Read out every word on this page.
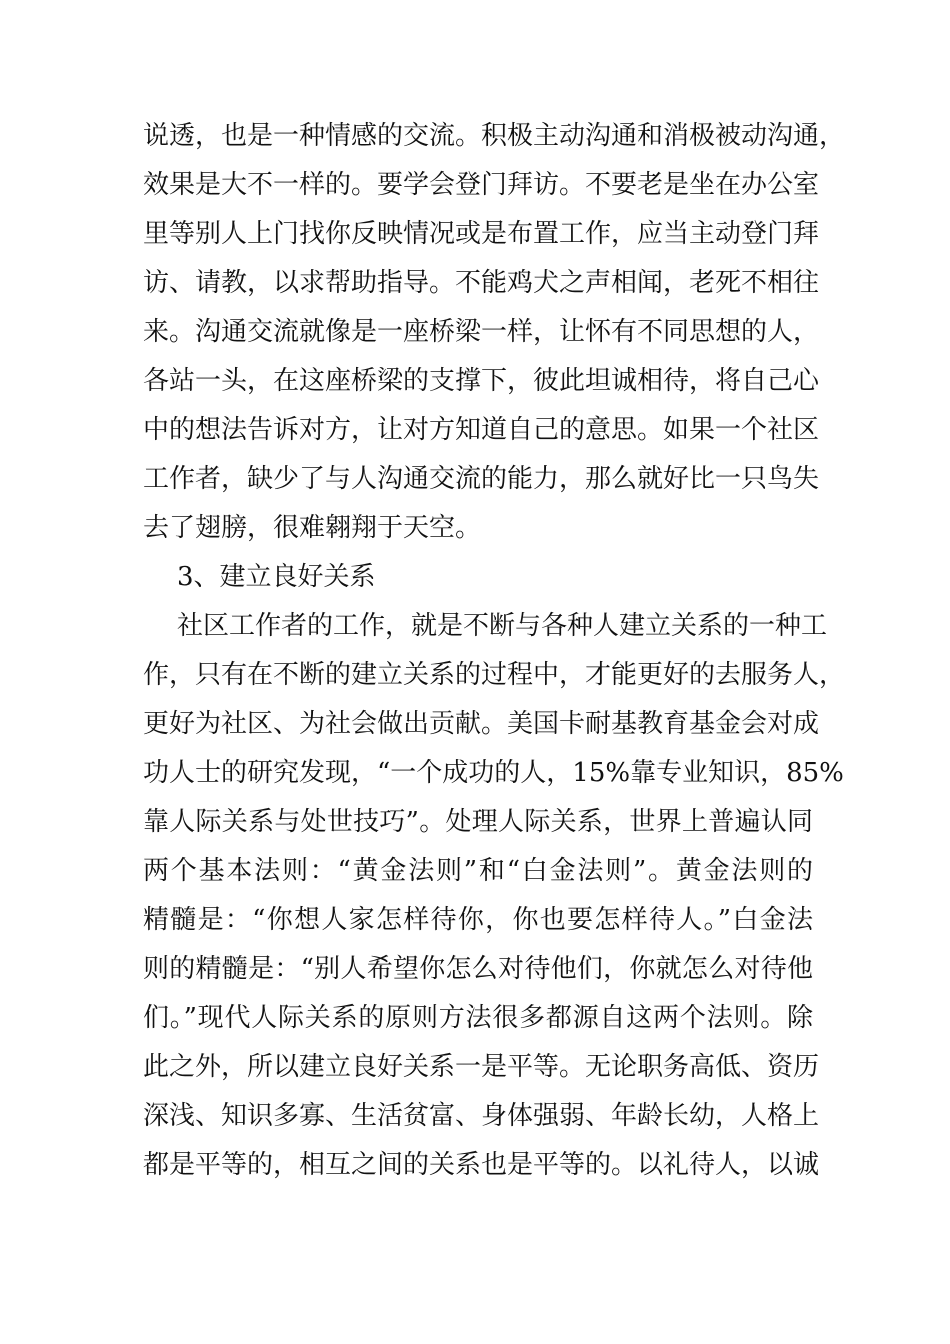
说透，也是一种情感的交流。积极主动沟通和消极被动沟通，
效果是大不一样的。要学会登门拜访。不要老是坐在办公室
里等别人上门找你反映情况或是布置工作，应当主动登门拜
访、请教，以求帮助指导。不能鸡犬之声相闻，老死不相往
来。沟通交流就像是一座桥梁一样，让怀有不同思想的人，
各站一头，在这座桥梁的支撑下，彼此坦诚相待，将自己心
中的想法告诉对方，让对方知道自己的意思。如果一个社区
工作者，缺少了与人沟通交流的能力，那么就好比一只鸟失
去了翅膀，很难翱翔于天空。
3、建立良好关系
社区工作者的工作，就是不断与各种人建立关系的一种工
作，只有在不断的建立关系的过程中，才能更好的去服务人，
更好为社区、为社会做出贡献。美国卡耐基教育基金会对成
功人士的研究发现，“一个成功的人，15%靠专业知识，85%
靠人际关系与处世技巧”。处理人际关系，世界上普遍认同
两个基本法则：“黄金法则”和“白金法则”。黄金法则的
精髓是：“你想人家怎样待你，你也要怎样待人。”白金法
则的精髓是：“别人希望你怎么对待他们，你就怎么对待他
们。”现代人际关系的原则方法很多都源自这两个法则。除
此之外，所以建立良好关系一是平等。无论职务高低、资历
深浅、知识多寡、生活贫富、身体强弱、年龄长幼，人格上
都是平等的，相互之间的关系也是平等的。以礼待人，以诚
